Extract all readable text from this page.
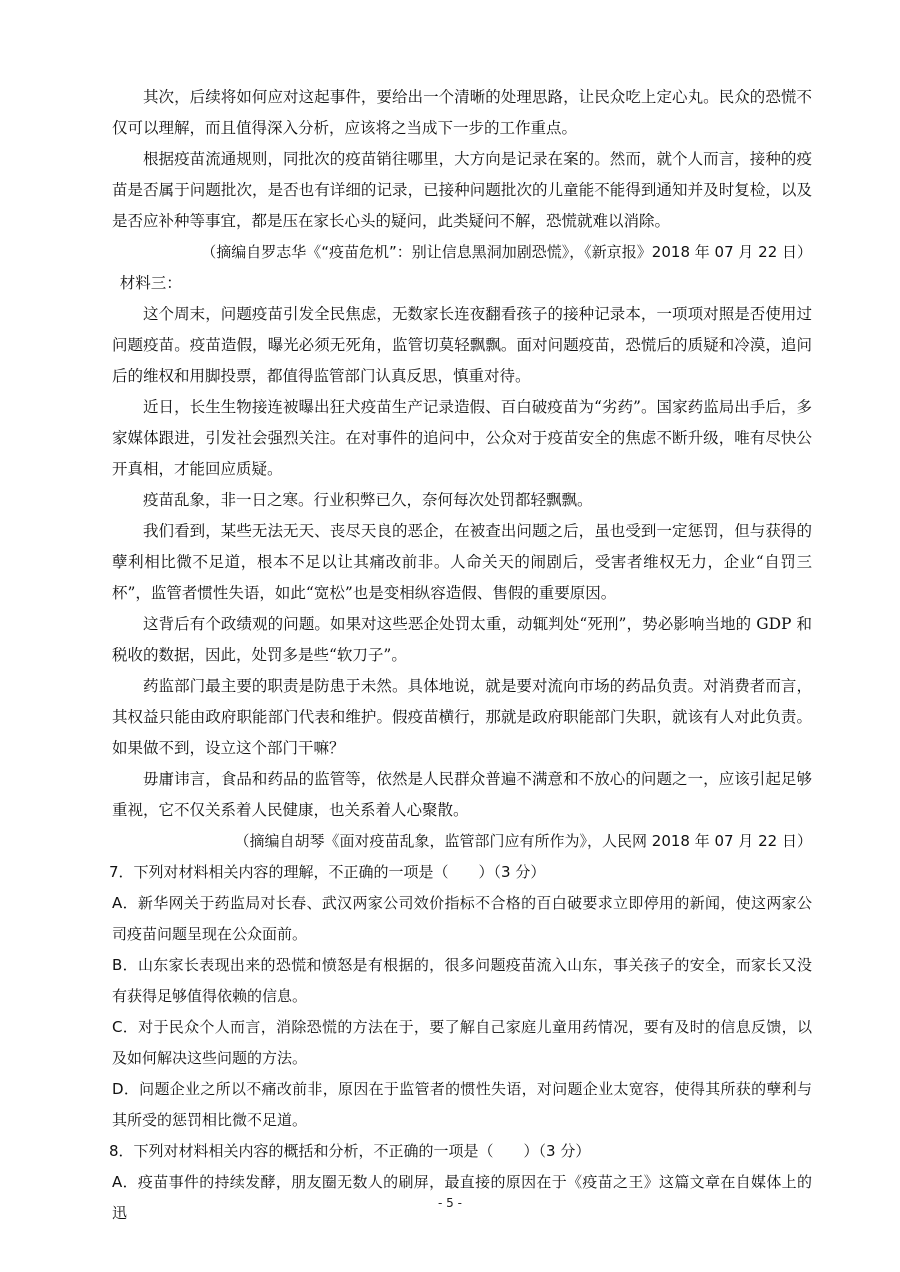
其次，后续将如何应对这起事件，要给出一个清晰的处理思路，让民众吃上定心丸。民众的恐慌不仅可以理解，而且值得深入分析，应该将之当成下一步的工作重点。

根据疫苗流通规则，同批次的疫苗销往哪里，大方向是记录在案的。然而，就个人而言，接种的疫苗是否属于问题批次，是否也有详细的记录，已接种问题批次的儿童能不能得到通知并及时复检，以及是否应补种等事宜，都是压在家长心头的疑问，此类疑问不解，恐慌就难以消除。

（摘编自罗志华《“疫苗危机”：别让信息黑洞加剧恐慌》，《新京报》2018 年 07 月 22 日）

材料三：

这个周末，问题疫苗引发全民焦虑，无数家长连夜翻看孩子的接种记录本，一项项对照是否使用过问题疫苗。疫苗造假，曝光必须无死角，监管切莫轻飘飘。面对问题疫苗，恐慌后的质疑和冷漠，追问后的维权和用脚投票，都值得监管部门认真反思，慎重对待。

近日，长生生物接连被曝出狂犬疫苗生产记录造假、百白破疫苗为“劣药”。国家药监局出手后，多家媒体跟进，引发社会强烈关注。在对事件的追问中，公众对于疫苗安全的焦虑不断升级，唯有尽快公开真相，才能回应质疑。

疫苗乱象，非一日之寒。行业积弊已久，奈何每次处罚都轻飘飘。

我们看到，某些无法无天、丧尽天良的恶企，在被查出问题之后，虽也受到一定惩罚，但与获得的孽利相比微不足道，根本不足以让其痛改前非。人命关天的闹剧后，受害者维权无力，企业“自罚三杯”，监管者惯性失语，如此“宽松”也是变相纵容造假、售假的重要原因。

这背后有个政绩观的问题。如果对这些恶企处罚太重，动辄判处“死刑”，势必影响当地的 GDP 和税收的数据，因此，处罚多是些“软刀子”。

药监部门最主要的职责是防患于未然。具体地说，就是要对流向市场的药品负责。对消费者而言，其权益只能由政府职能部门代表和维护。假疫苗横行，那就是政府职能部门失职，就该有人对此负责。如果做不到，设立这个部门干嘛？

毋庸讳言，食品和药品的监管等，依然是人民群众普遍不满意和不放心的问题之一，应该引起足够重视，它不仅关系着人民健康，也关系着人心聚散。

（摘编自胡琴《面对疫苗乱象，监管部门应有所作为》，人民网 2018 年 07 月 22 日）

7．下列对材料相关内容的理解，不正确的一项是（　　）（3 分）

A．新华网关于药监局对长春、武汉两家公司效价指标不合格的百白破要求立即停用的新闻，使这两家公司疫苗问题呈现在公众面前。

B．山东家长表现出来的恐慌和愤怒是有根据的，很多问题疫苗流入山东，事关孩子的安全，而家长又没有获得足够值得依赖的信息。

C．对于民众个人而言，消除恐慌的方法在于，要了解自己家庭儿童用药情况，要有及时的信息反馈，以及如何解决这些问题的方法。

D．问题企业之所以不痛改前非，原因在于监管者的惯性失语，对问题企业太宽容，使得其所获的孽利与其所受的惩罚相比微不足道。

8．下列对材料相关内容的概括和分析，不正确的一项是（　　）（3 分）

A．疫苗事件的持续发酵，朋友圈无数人的刷屏，最直接的原因在于《疫苗之王》这篇文章在自媒体上的迅

- 5 -
